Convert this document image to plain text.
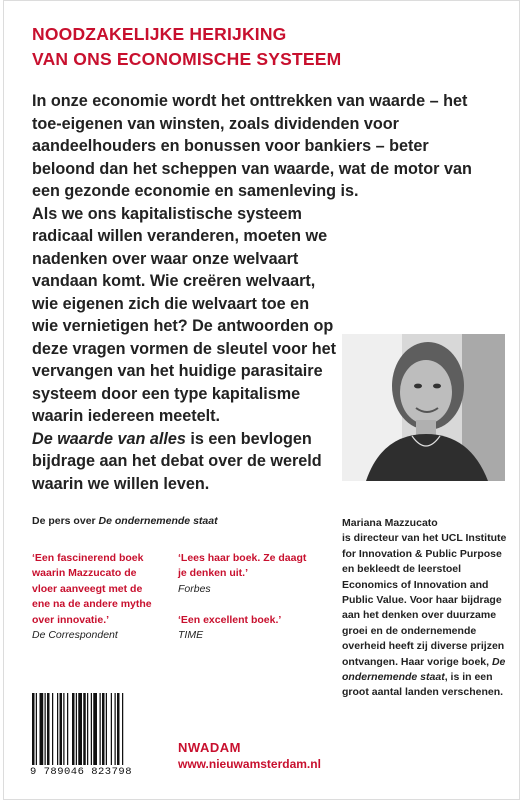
NOODZAKELIJKE HERIJKING
VAN ONS ECONOMISCHE SYSTEEM

In onze economie wordt het onttrekken van waarde – het toe-eigenen van winsten, zoals dividenden voor aandeelhouders en bonussen voor bankiers – beter beloond dan het scheppen van waarde, wat de motor van een gezonde economie en samenleving is.

Als we ons kapitalistische systeem radicaal willen veranderen, moeten we nadenken over waar onze welvaart vandaan komt. Wie creëren welvaart, wie eigenen zich die welvaart toe en wie vernietigen het? De antwoorden op deze vragen vormen de sleutel voor het vervangen van het huidige parasitaire systeem door een type kapitalisme waarin iedereen meetelt.

De waarde van alles is een bevlogen bijdrage aan het debat over de wereld waarin we willen leven.

De pers over De ondernemende staat
‘Een fascinerend boek waarin Mazzucato de vloer aanveegt met de ene na de andere mythe over innovatie.’
De Correspondent
‘Lees haar boek. Ze daagt je denken uit.’
Forbes
‘Een excellent boek.’
TIME
Mariana Mazzucato
is directeur van het UCL Institute for Innovation & Public Purpose en bekleedt de leerstoel Economics of Innovation and Public Value. Voor haar bijdrage aan het denken over duurzame groei en de ondernemende overheid heeft zij diverse prijzen ontvangen. Haar vorige boek, De ondernemende staat, is in een groot aantal landen verschenen.
9 789046 823798
NWADAM
www.nieuwamsterdam.nl
